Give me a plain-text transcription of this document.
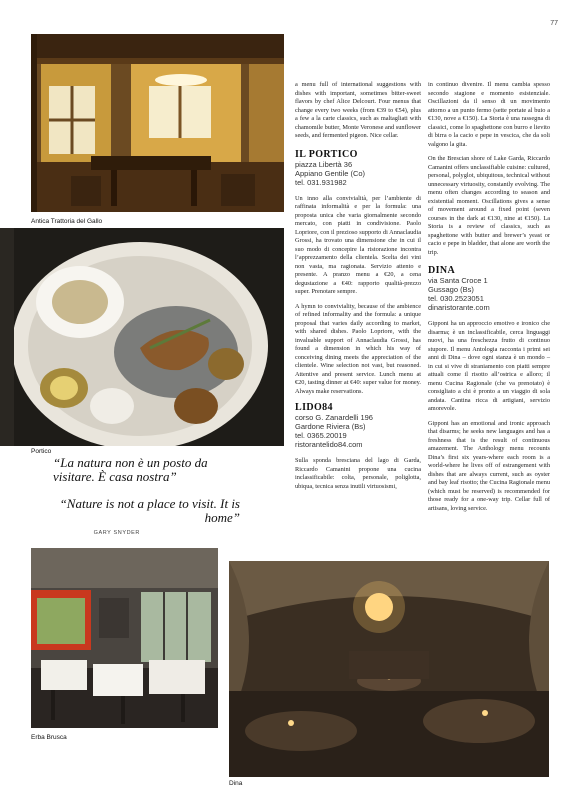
77
Antica Trattoria del Gallo
Portico
“La natura non è un posto da visitare. È casa nostra”
“Nature is not a place to visit. It is home”
GARY SNYDER
Erba Brusca
Dina

a menu full of international suggestions with dishes with important, sometimes bitter-sweet flavors by chef Alice Delcourt. Four menus that change every two weeks (from €39 to €54), plus a few a la carte classics, such as maltagliati with chamomile butter, Monte Veronese and sunflower seeds, and fermented pigeon. Nice cellar.

IL PORTICO
piazza Libertà 36
Appiano Gentile (Co)
tel. 031.931982

Un inno alla convivialità, per l’ambiente di raffinata informalità e per la formula: una proposta unica che varia giornalmente secondo mercato, con piatti in condivisione. Paolo Lopriore, con il prezioso supporto di Annaclaudia Grossi, ha trovato una dimensione che in cui il suo modo di concepire la ristorazione incontra l’apprezzamento della clientela. Scelta dei vini non vasta, ma ragionata. Servizio attento e presente. A pranzo menu a €20, a cena degustazione a €40: rapporto qualità-prezzo super. Prenotare sempre.

A hymn to conviviality, because of the ambience of refined informality and the formula: a unique proposal that varies daily according to market, with shared dishes. Paolo Lopriore, with the invaluable support of Annaclaudia Grossi, has found a dimension in which his way of conceiving dining meets the appreciation of the clientele. Wine selection not vast, but reasoned. Attentive and present service. Lunch menu at €20, tasting dinner at €40: super value for money. Always make reservations.

LIDO84
corso G. Zanardelli 196
Gardone Riviera (Bs)
tel. 0365.20019
ristorantelido84.com

Sulla sponda bresciana del lago di Garda, Riccardo Camanini propone una cucina inclassificabile: colta, personale, poliglotta, ubiqua, tecnica senza inutili virtuosismi,

in continuo divenire. Il menu cambia spesso secondo stagione e momento esistenziale. Oscillazioni da il senso di un movimento attorno a un punto fermo (sette portate al buio a €130, nove a €150). La Storia è una rassegna di classici, come lo spaghettone con burro e lievito di birra o la cacio e pepe in vescica, che da soli valgono la gita.

On the Brescian shore of Lake Garda, Riccardo Camanini offers unclassifiable cuisine: cultured, personal, polyglot, ubiquitous, technical without unnecessary virtuosity, constantly evolving. The menu often changes according to season and existential moment. Oscillations gives a sense of movement around a fixed point (seven courses in the dark at €130, nine at €150). La Storia is a review of classics, such as spaghettone with butter and brewer’s yeast or cacio e pepe in bladder, that alone are worth the trip.

DINA
via Santa Croce 1
Gussago (Bs)
tel. 030.2523051
dinaristorante.com

Gipponi ha un approccio emotivo e ironico che disarma; è un inclassificabile, cerca linguaggi nuovi, ha una freschezza frutto di continuo stupore. Il menu Antologia racconta i primi sei anni di Dina – dove ogni stanza è un mondo – in cui si vive di straniamento con piatti sempre attuali come il risotto all’ostrica e alloro; il menu Cucina Ragionale (che va prenotato) è consigliato a chi è pronto a un viaggio di sola andata. Cantina ricca di artigiani, servizio amorevole.

Gipponi has an emotional and ironic approach that disarms; he seeks new languages and has a freshness that is the result of continuous amazement. The Anthology menu recounts Dina’s first six years-where each room is a world-where he lives off of estrangement with dishes that are always current, such as oyster and bay leaf risotto; the Cucina Ragionale menu (which must be reserved) is recommended for those ready for a one-way trip. Cellar full of artisans, loving service.
